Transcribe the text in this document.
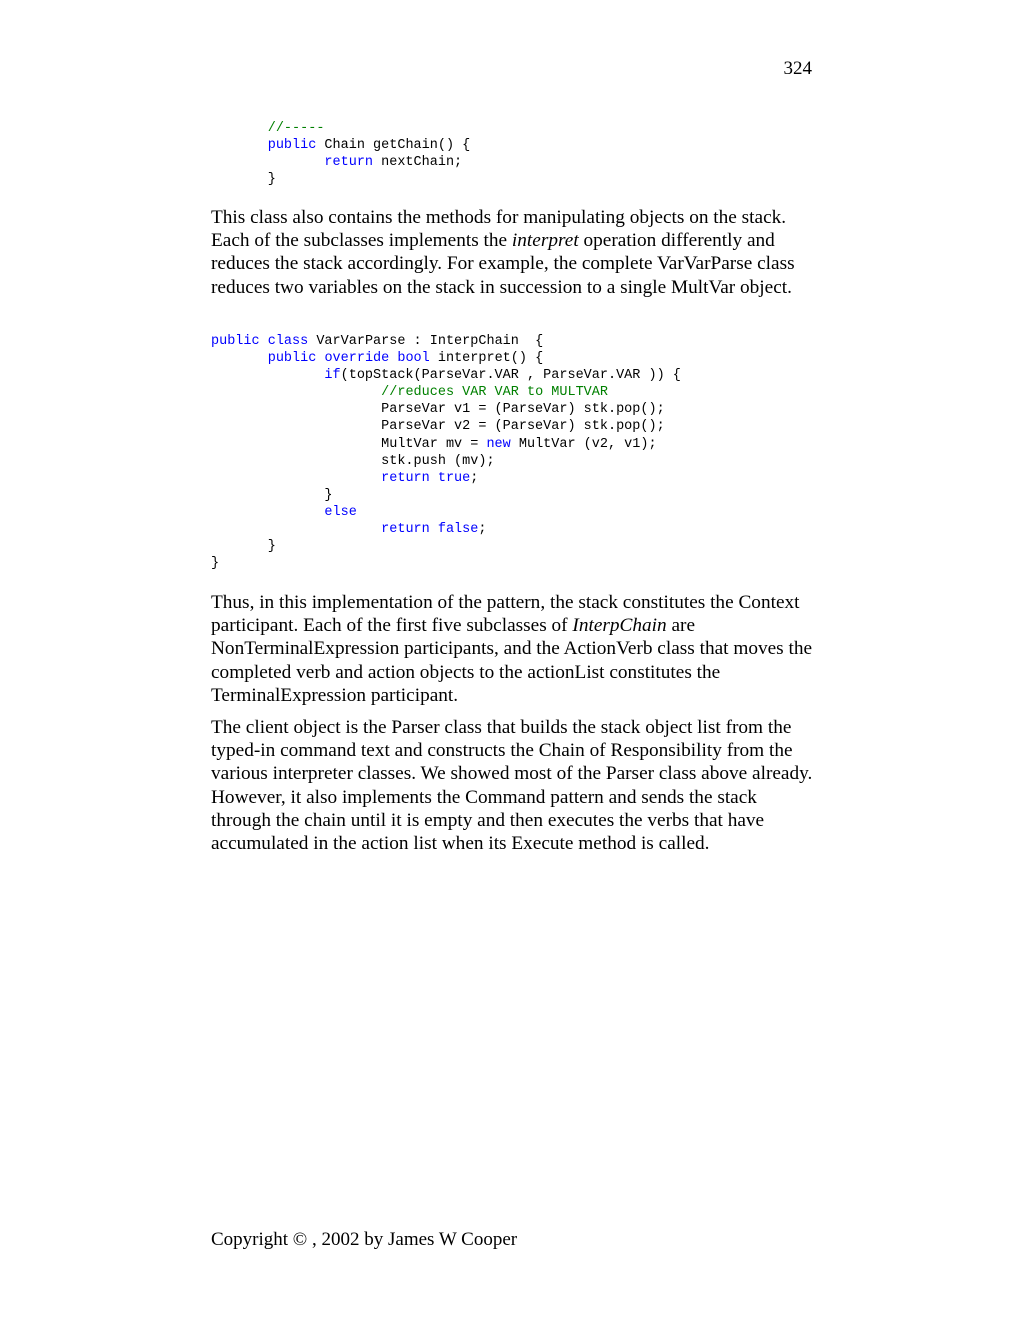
324
//-----
public Chain getChain() {
return nextChain;
}

This class also contains the methods for manipulating objects on the stack. Each of the subclasses implements the interpret operation differently and reduces the stack accordingly. For example, the complete VarVarParse class reduces two variables on the stack in succession to a single MultVar object.

public class VarVarParse : InterpChain  {
public override bool interpret() {
if(topStack(ParseVar.VAR , ParseVar.VAR )) {
//reduces VAR VAR to MULTVAR
ParseVar v1 = (ParseVar) stk.pop();
ParseVar v2 = (ParseVar) stk.pop();
MultVar mv = new MultVar (v2, v1);
stk.push (mv);
return true;
}
else
return false;
}
}

Thus, in this implementation of the pattern, the stack constitutes the Context participant. Each of the first five subclasses of InterpChain are NonTerminalExpression participants, and the ActionVerb class that moves the completed verb and action objects to the actionList constitutes the TerminalExpression participant.

The client object is the Parser class that builds the stack object list from the typed-in command text and constructs the Chain of Responsibility from the various interpreter classes. We showed most of the Parser class above already. However, it also implements the Command pattern and sends the stack through the chain until it is empty and then executes the verbs that have accumulated in the action list when its Execute method is called.

Copyright © , 2002 by James W Cooper
